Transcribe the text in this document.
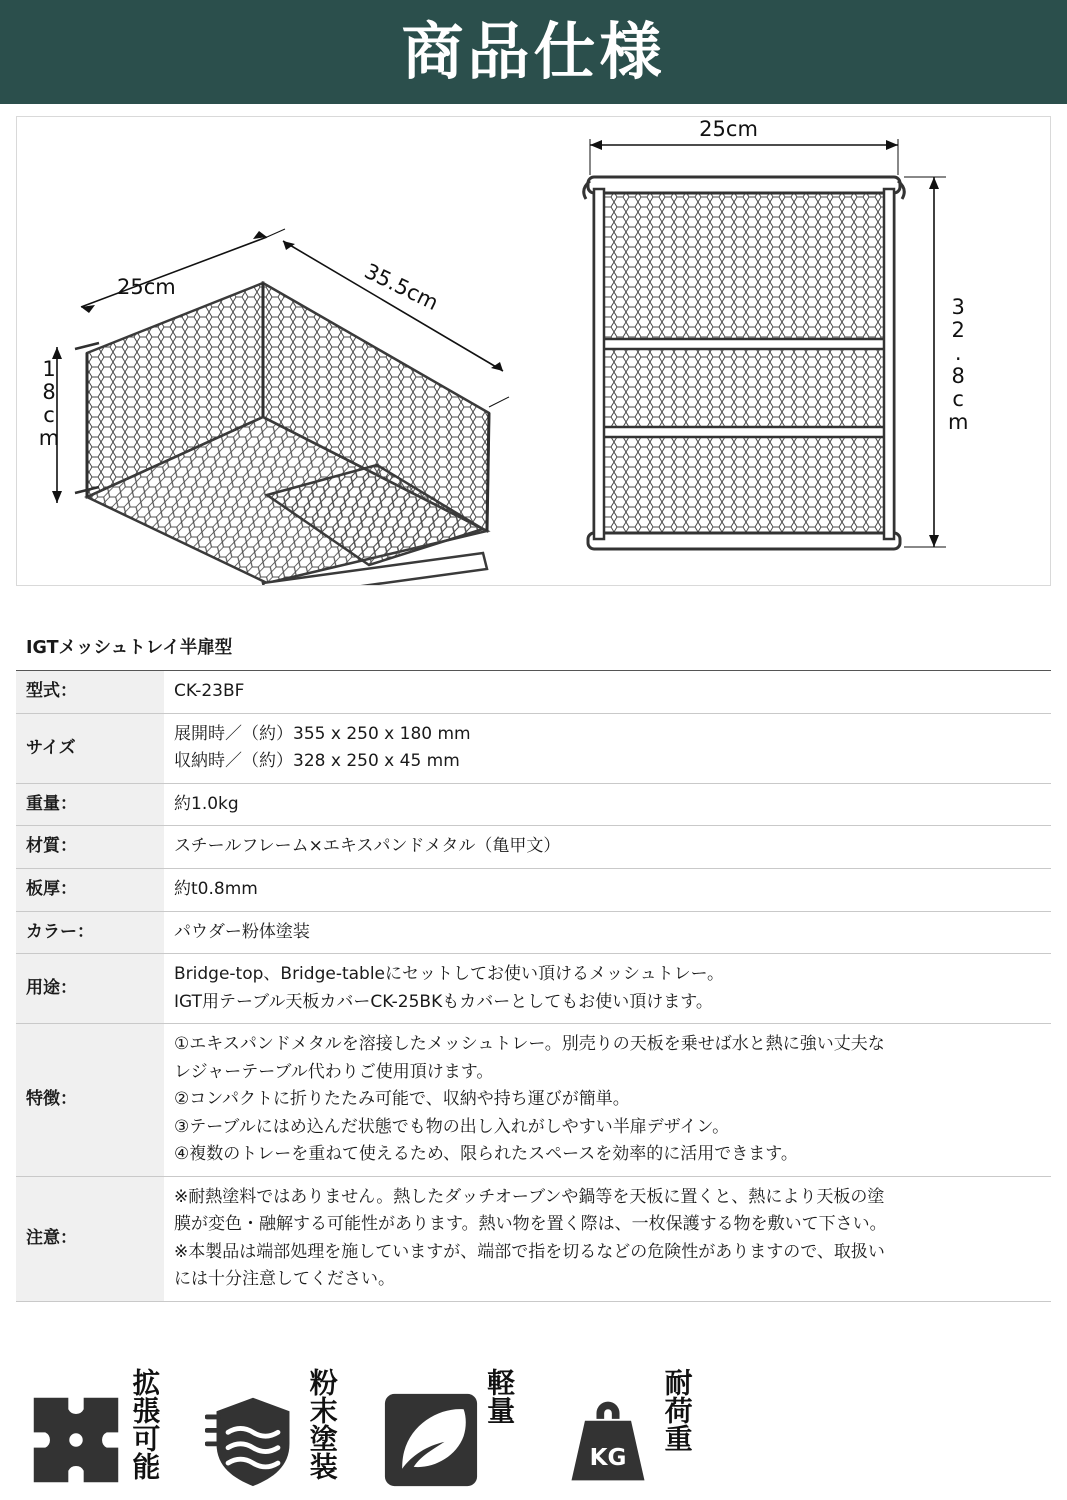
商品仕様
25cm	35.5cm
18cm
25cm
32.8cm
IGTメッシュトレイ半扉型	
型式：	CK-23BF

サイズ	展開時／（約）355 x 250 x 180 mm
収納時／（約）328 x 250 x 45 mm

重量：	約1.0kg

材質：	スチールフレーム×エキスパンドメタル（亀甲文）

板厚：	約t0.8mm

カラー：	パウダー粉体塗装

用途：	Bridge-top、Bridge-tableにセットしてお使い頂けるメッシュトレー。
IGT用テーブル天板カバーCK-25BKもカバーとしてもお使い頂けます。

特徴：	①エキスパンドメタルを溶接したメッシュトレー。別売りの天板を乗せば水と熱に強い丈夫な
レジャーテーブル代わりご使用頂けます。
②コンパクトに折りたたみ可能で、収納や持ち運びが簡単。
③テーブルにはめ込んだ状態でも物の出し入れがしやすい半扉デザイン。
④複数のトレーを重ねて使えるため、限られたスペースを効率的に活用できます。

注意：	※耐熱塗料ではありません。熱したダッチオーブンや鍋等を天板に置くと、熱により天板の塗
膜が変色・融解する可能性があります。熱い物を置く際は、一枚保護する物を敷いて下さい。
※本製品は端部処理を施していますが、端部で指を切るなどの危険性がありますので、取扱い
には十分注意してください。
拡張可能	粉末塗装	軽量
KG
耐荷重
